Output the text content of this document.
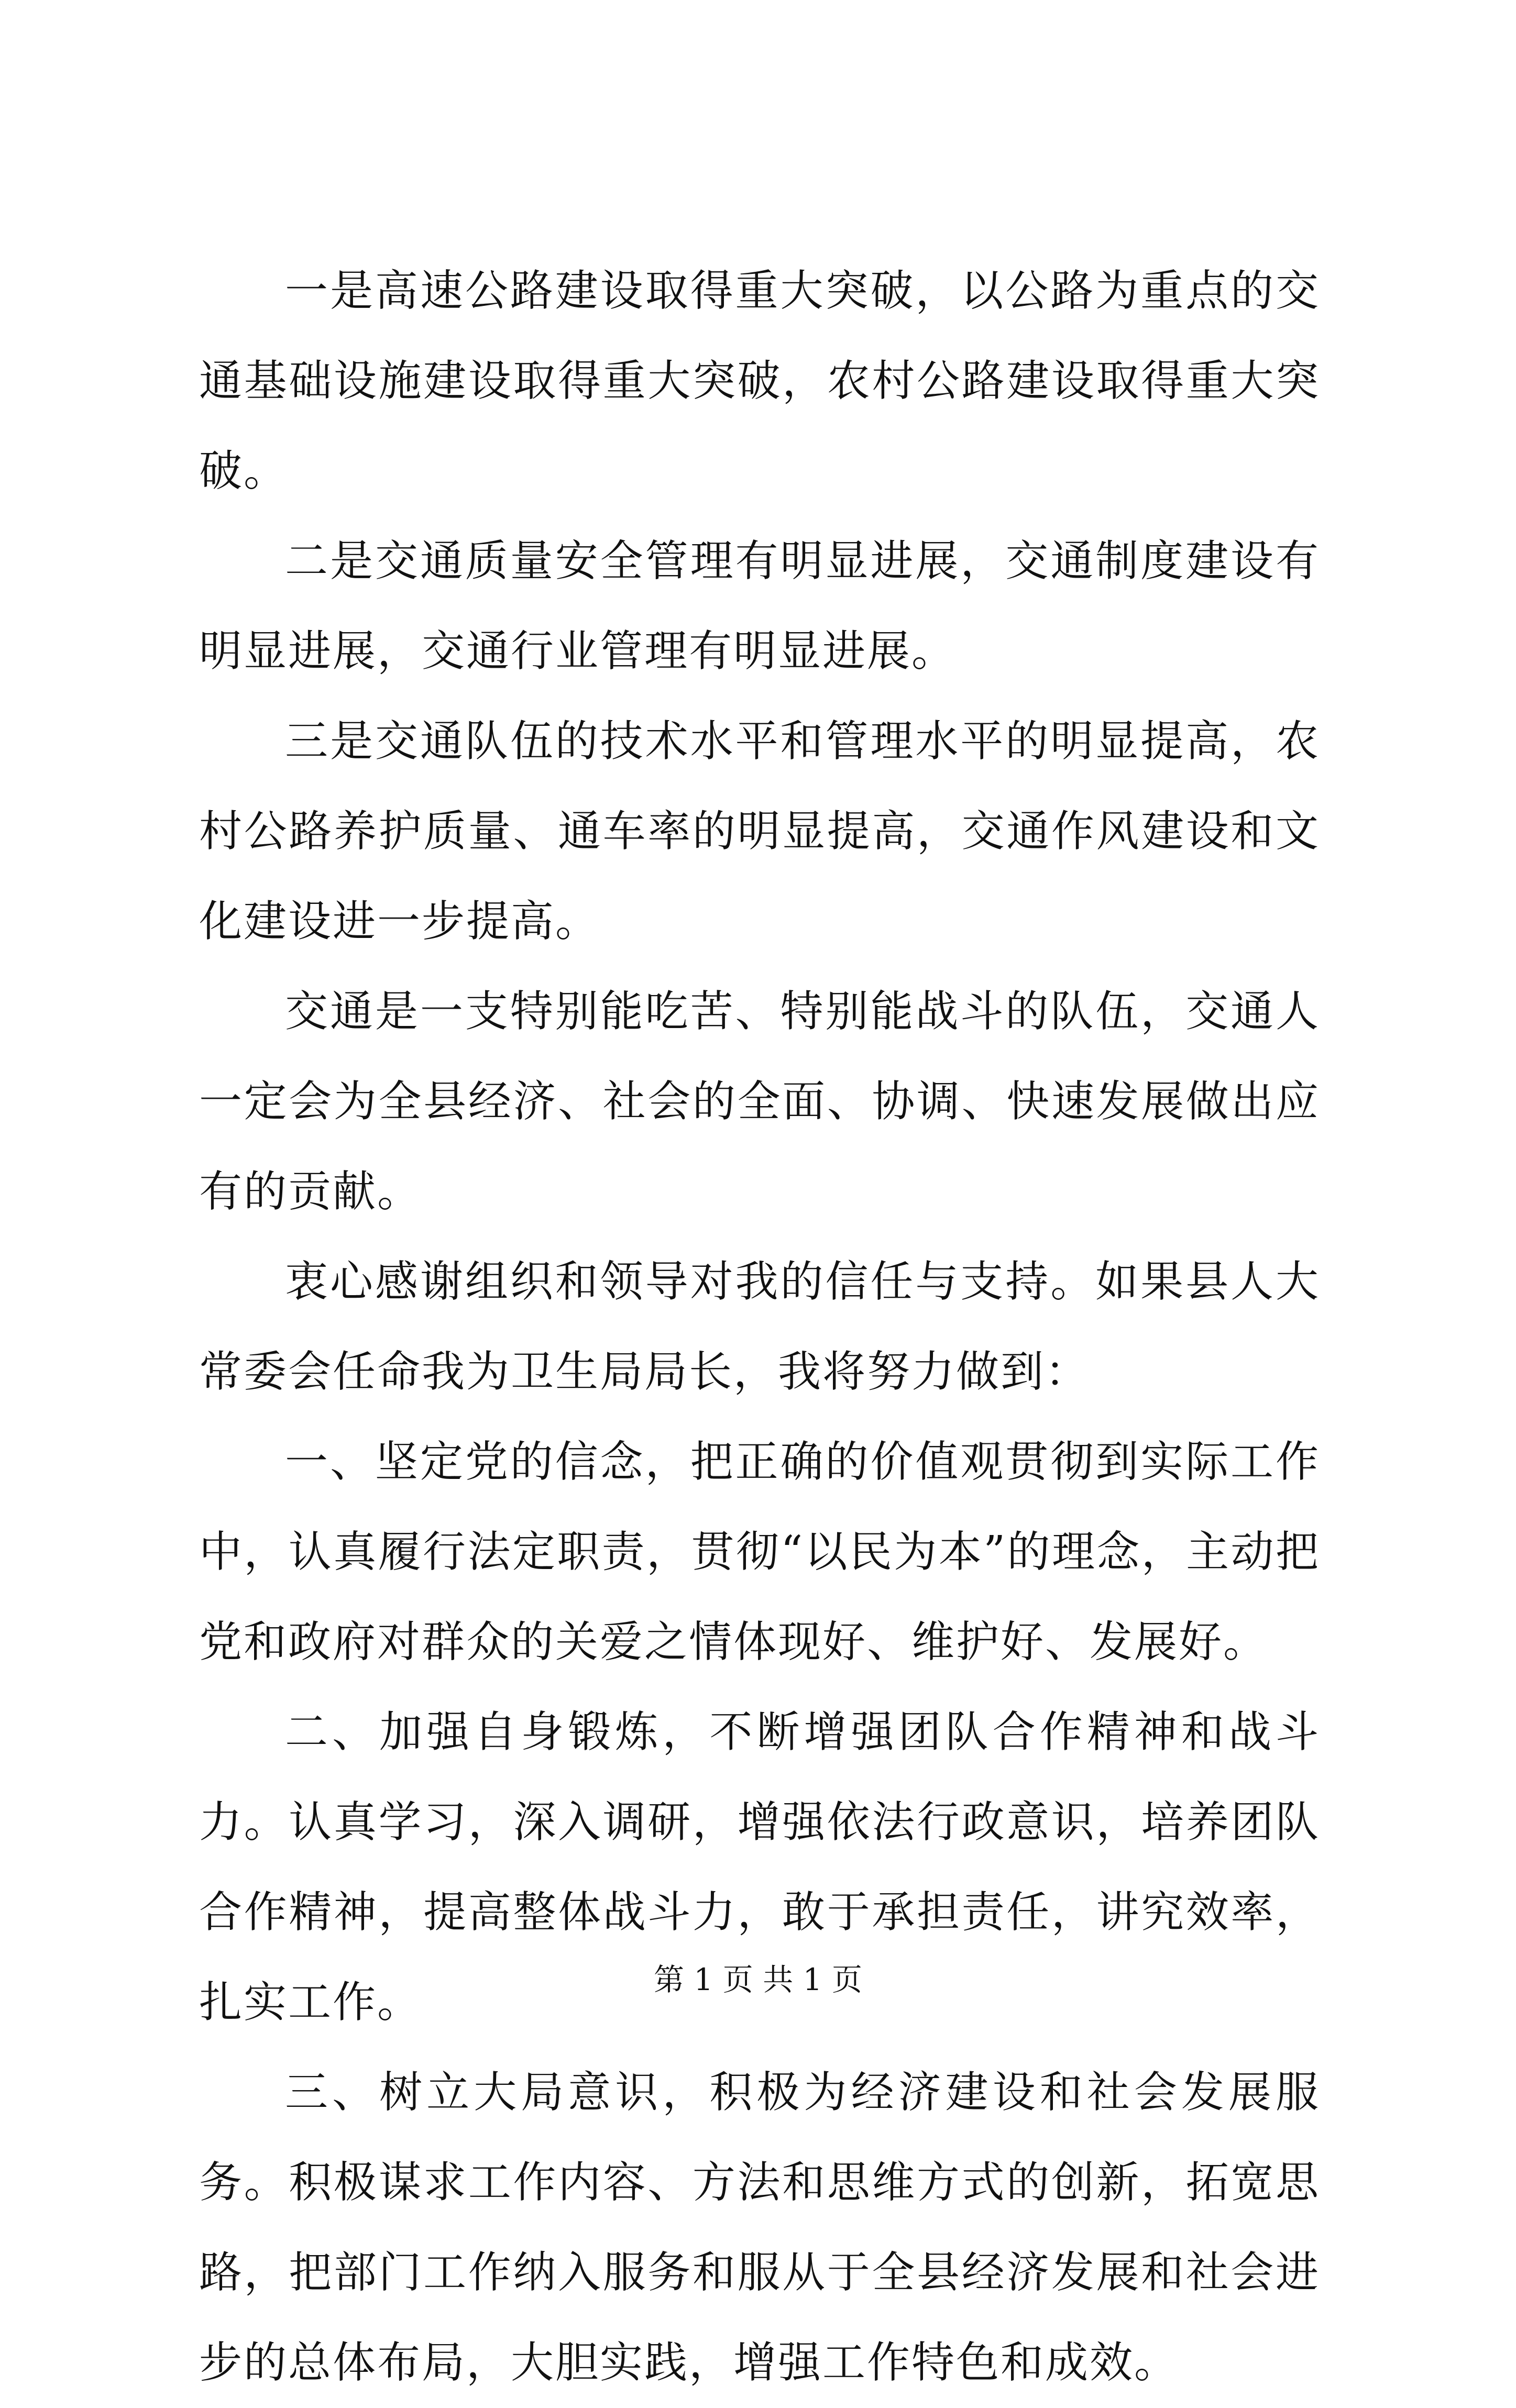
一是高速公路建设取得重大突破，以公路为重点的交通基础设施建设取得重大突破，农村公路建设取得重大突破。

二是交通质量安全管理有明显进展，交通制度建设有明显进展，交通行业管理有明显进展。

三是交通队伍的技术水平和管理水平的明显提高，农村公路养护质量、通车率的明显提高，交通作风建设和文化建设进一步提高。

交通是一支特别能吃苦、特别能战斗的队伍，交通人一定会为全县经济、社会的全面、协调、快速发展做出应有的贡献。

衷心感谢组织和领导对我的信任与支持。如果县人大常委会任命我为卫生局局长，我将努力做到：

一、坚定党的信念，把正确的价值观贯彻到实际工作中，认真履行法定职责，贯彻“以民为本”的理念，主动把党和政府对群众的关爱之情体现好、维护好、发展好。

二、加强自身锻炼，不断增强团队合作精神和战斗力。认真学习，深入调研，增强依法行政意识，培养团队合作精神，提高整体战斗力，敢于承担责任，讲究效率，扎实工作。

三、树立大局意识，积极为经济建设和社会发展服务。积极谋求工作内容、方法和思维方式的创新，拓宽思路，把部门工作纳入服务和服从于全县经济发展和社会进步的总体布局，大胆实践，增强工作特色和成效。

第 1 页 共 1 页
